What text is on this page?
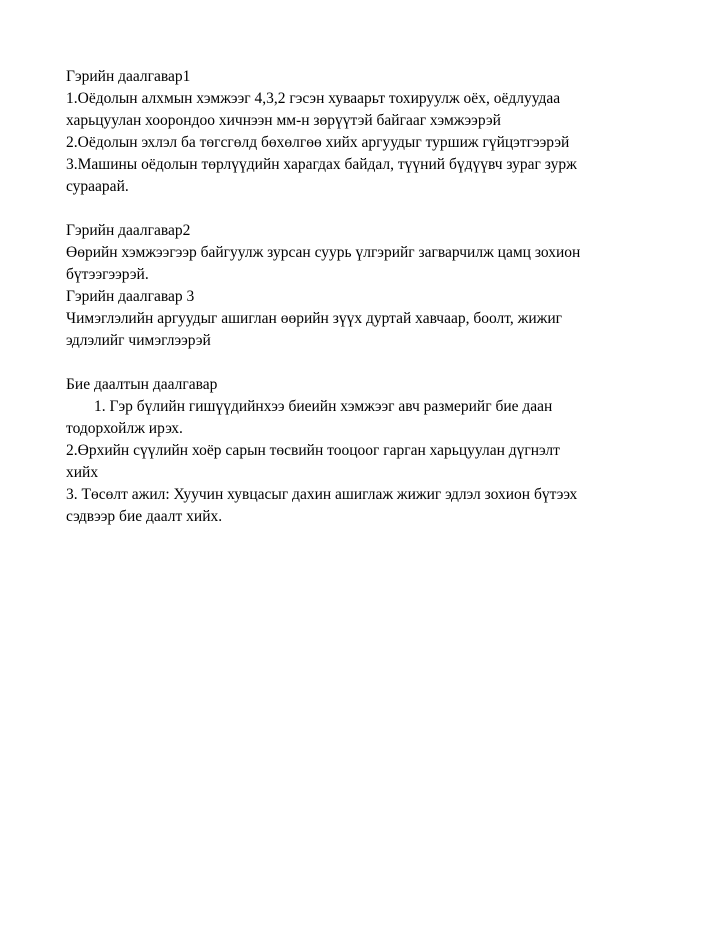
Гэрийн даалгавар1
1.Оёдолын алхмын хэмжээг 4,3,2 гэсэн хуваарьт тохируулж оёх, оёдлуудаа
харьцуулан хоорондоо хичнээн мм-н зөрүүтэй байгааг хэмжээрэй
2.Оёдолын эхлэл ба төгсгөлд бөхөлгөө хийх аргуудыг туршиж гүйцэтгээрэй
3.Машины оёдолын төрлүүдийн харагдах байдал, түүний бүдүүвч зураг зурж
сураарай.
Гэрийн даалгавар2
Өөрийн хэмжээгээр байгуулж зурсан суурь үлгэрийг загварчилж цамц зохион
бүтээгээрэй.
Гэрийн даалгавар 3
Чимэглэлийн аргуудыг ашиглан өөрийн зүүх дуртай хавчаар, боолт, жижиг
эдлэлийг чимэглээрэй
Бие даалтын даалгавар
1. Гэр бүлийн гишүүдийнхээ биеийн хэмжээг авч размерийг бие даан
тодорхойлж ирэх.
2.Өрхийн сүүлийн хоёр сарын төсвийн тооцоог гарган харьцуулан дүгнэлт
хийх
3. Төсөлт ажил: Хуучин хувцасыг дахин ашиглаж жижиг эдлэл зохион бүтээх
сэдвээр бие даалт хийх.
